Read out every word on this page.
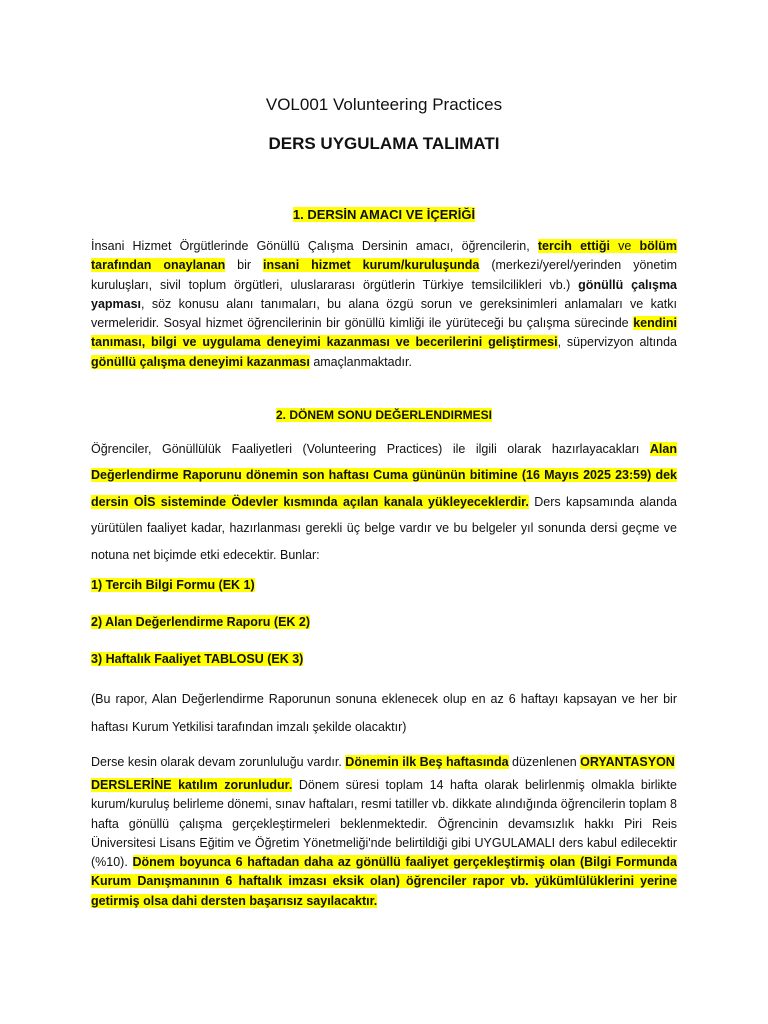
VOL001 Volunteering Practices
DERS UYGULAMA TALIMATI
1. DERSİN AMACI VE İÇERİĞİ
İnsani Hizmet Örgütlerinde Gönüllü Çalışma Dersinin amacı, öğrencilerin, tercih ettiği ve bölüm tarafından onaylanan bir insani hizmet kurum/kuruluşunda (merkezi/yerel/yerinden yönetim kuruluşları, sivil toplum örgütleri, uluslararası örgütlerin Türkiye temsilcilikleri vb.) gönüllü çalışma yapması, söz konusu alanı tanımaları, bu alana özgü sorun ve gereksinimleri anlamaları ve katkı vermeleridir. Sosyal hizmet öğrencilerinin bir gönüllü kimliği ile yürüteceği bu çalışma sürecinde kendini tanıması, bilgi ve uygulama deneyimi kazanması ve becerilerini geliştirmesi, süpervizyon altında gönüllü çalışma deneyimi kazanması amaçlanmaktadır.
2. DÖNEM SONU DEĞERLENDIRMESI
Öğrenciler, Gönüllülük Faaliyetleri (Volunteering Practices) ile ilgili olarak hazırlayacakları Alan Değerlendirme Raporunu dönemin son haftası Cuma gününün bitimine (16 Mayıs 2025 23:59) dek dersin OİS sisteminde Ödevler kısmında açılan kanala yükleyeceklerdir. Ders kapsamında alanda yürütülen faaliyet kadar, hazırlanması gerekli üç belge vardır ve bu belgeler yıl sonunda dersi geçme ve notuna net biçimde etki edecektir. Bunlar:
1) Tercih Bilgi Formu (EK 1)
2) Alan Değerlendirme Raporu (EK 2)
3) Haftalık Faaliyet TABLOSU (EK 3)
(Bu rapor, Alan Değerlendirme Raporunun sonuna eklenecek olup en az 6 haftayı kapsayan ve her bir haftası Kurum Yetkilisi tarafından imzalı şekilde olacaktır)
Derse kesin olarak devam zorunluluğu vardır. Dönemin ilk Beş haftasında düzenlenen ORYANTASYON
DERSLERİNE katılım zorunludur. Dönem süresi toplam 14 hafta olarak belirlenmiş olmakla birlikte kurum/kuruluş belirleme dönemi, sınav haftaları, resmi tatiller vb. dikkate alındığında öğrencilerin toplam 8 hafta gönüllü çalışma gerçekleştirmeleri beklenmektedir. Öğrencinin devamsızlık hakkı Piri Reis Üniversitesi Lisans Eğitim ve Öğretim Yönetmeliği'nde belirtildiği gibi UYGULAMALI ders kabul edilecektir (%10). Dönem boyunca 6 haftadan daha az gönüllü faaliyet gerçekleştirmiş olan (Bilgi Formunda Kurum Danışmanının 6 haftalık imzası eksik olan) öğrenciler rapor vb. yükümlülüklerini yerine getirmiş olsa dahi dersten başarısız sayılacaktır.
